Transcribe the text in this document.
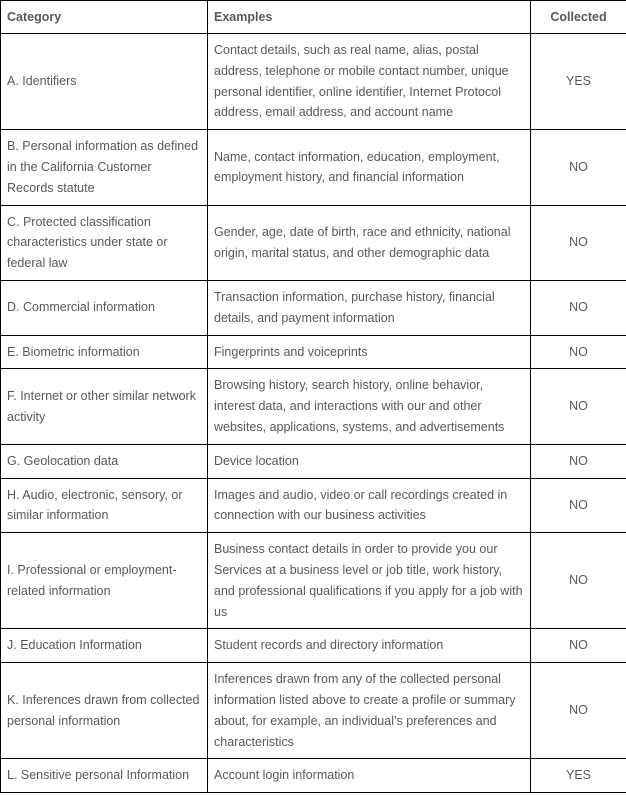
Category	Examples	Collected
A. Identifiers	Contact details, such as real name, alias, postal address, telephone or mobile contact number, unique personal identifier, online identifier, Internet Protocol address, email address, and account name	YES
B. Personal information as defined in the California Customer Records statute	Name, contact information, education, employment, employment history, and financial information	NO
C. Protected classification characteristics under state or federal law	Gender, age, date of birth, race and ethnicity, national origin, marital status, and other demographic data	NO
D. Commercial information	Transaction information, purchase history, financial details, and payment information	NO
E. Biometric information	Fingerprints and voiceprints	NO
F. Internet or other similar network activity	Browsing history, search history, online behavior, interest data, and interactions with our and other websites, applications, systems, and advertisements	NO
G. Geolocation data	Device location	NO
H. Audio, electronic, sensory, or similar information	Images and audio, video or call recordings created in connection with our business activities	NO
I. Professional or employment-related information	Business contact details in order to provide you our Services at a business level or job title, work history, and professional qualifications if you apply for a job with us	NO
J. Education Information	Student records and directory information	NO
K. Inferences drawn from collected personal information	Inferences drawn from any of the collected personal information listed above to create a profile or summary about, for example, an individual’s preferences and characteristics	NO
L. Sensitive personal Information	Account login information	YES
